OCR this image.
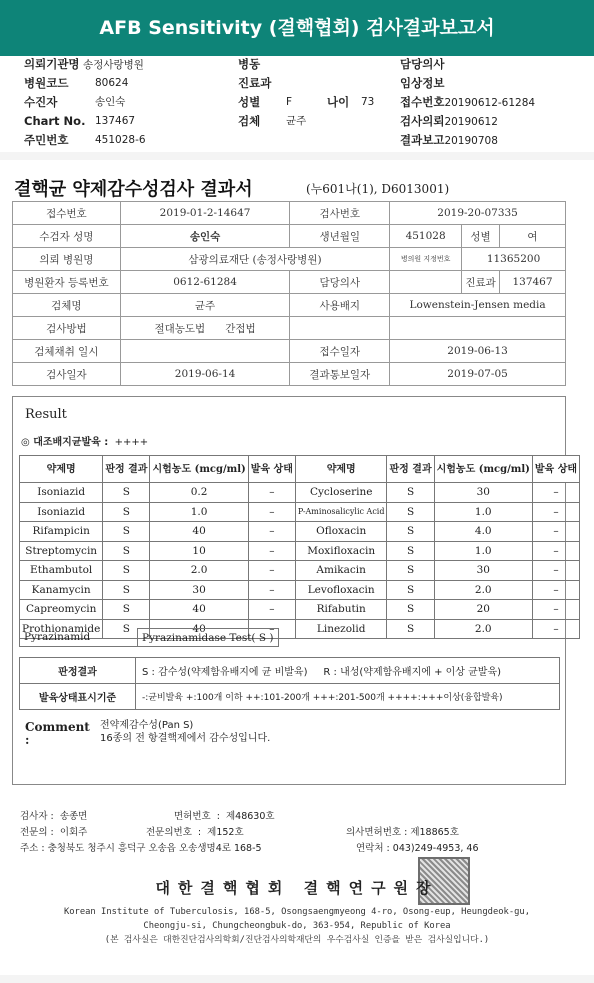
AFB Sensitivity (결핵협회) 검사결과보고서
의뢰기관명 송정사랑병원
병원코드	80624
수진자	송인숙
Chart No. 137467
주민번호	451028-6
병동
진료과
성별 F	나이 73
검체 균주
담당의사
임상정보
접수번호20190612-61284
검사의뢰20190612
결과보고20190708
결핵균 약제감수성검사 결과서	(누601나(1), D6013001)
접수번호	2019-01-2-14647	검사번호	2019-20-07335		
수검자 성명	송인숙	생년월일	451028	성별	여
의뢰 병원명	삼광의료재단 (송정사랑병원)		병의원 지정번호	11365200	
병원환자 등록번호	0612-61284	담당의사		진료과	137467
검체명	균주	사용배지	Lowenstein-Jensen media		
검사방법	절대농도법 간접법				
검체채취 일시		접수일자	2019-06-13		
검사일자	2019-06-14	결과통보일자	2019-07-05		
Result
◎ 대조배지균발육 : ++++
약제명	판정 결과	시험농도 (mcg/ml)	발육 상태	약제명	판정 결과	시험농도 (mcg/ml)	발육 상태
Isoniazid	S	0.2	–	Cycloserine	S	30	–
Isoniazid	S	1.0	–	P-Aminosalicylic Acid	S	1.0	–
Rifampicin	S	40	–	Ofloxacin	S	4.0	–
Streptomycin	S	10	–	Moxifloxacin	S	1.0	–
Ethambutol	S	2.0	–	Amikacin	S	30	–
Kanamycin	S	30	–	Levofloxacin	S	2.0	–
Capreomycin	S	40	–	Rifabutin	S	20	–
Prothionamide	S	40	–	Linezolid	S	2.0	–
Pyrazinamid	Pyrazinamidase Test( S )
판정결과	S : 감수성(약제함유배지에 균 비발육) R : 내성(약제함유배지에 + 이상 균발육)
발육상태표시기준	-:균비발육 +:100개 이하 ++:101-200개 +++:201-500개 ++++:+++이상(융합발육)
Comment :
전약제감수성(Pan S)
16종의 전 항결핵제에서 감수성입니다.
검사자 : 송종면	면허번호  :  제48630호
전문의 : 이회주	전문의번호  :  제152호	의사면허번호 : 제18865호
주소 : 충청북도 청주시 흥덕구 오송읍 오송생명4로 168-5	연락처 : 043)249-4953, 46
대한결핵협회 결핵연구원장
Korean Institute of Tuberculosis, 168-5, Osongsaengmyeong 4-ro, Osong-eup, Heungdeok-gu,
Cheongju-si, Chungcheongbuk-do, 363-954, Republic of Korea
(본 검사실은 대한진단검사의학회/진단검사의학재단의 우수검사실 인증을 받은 검사실입니다.)
